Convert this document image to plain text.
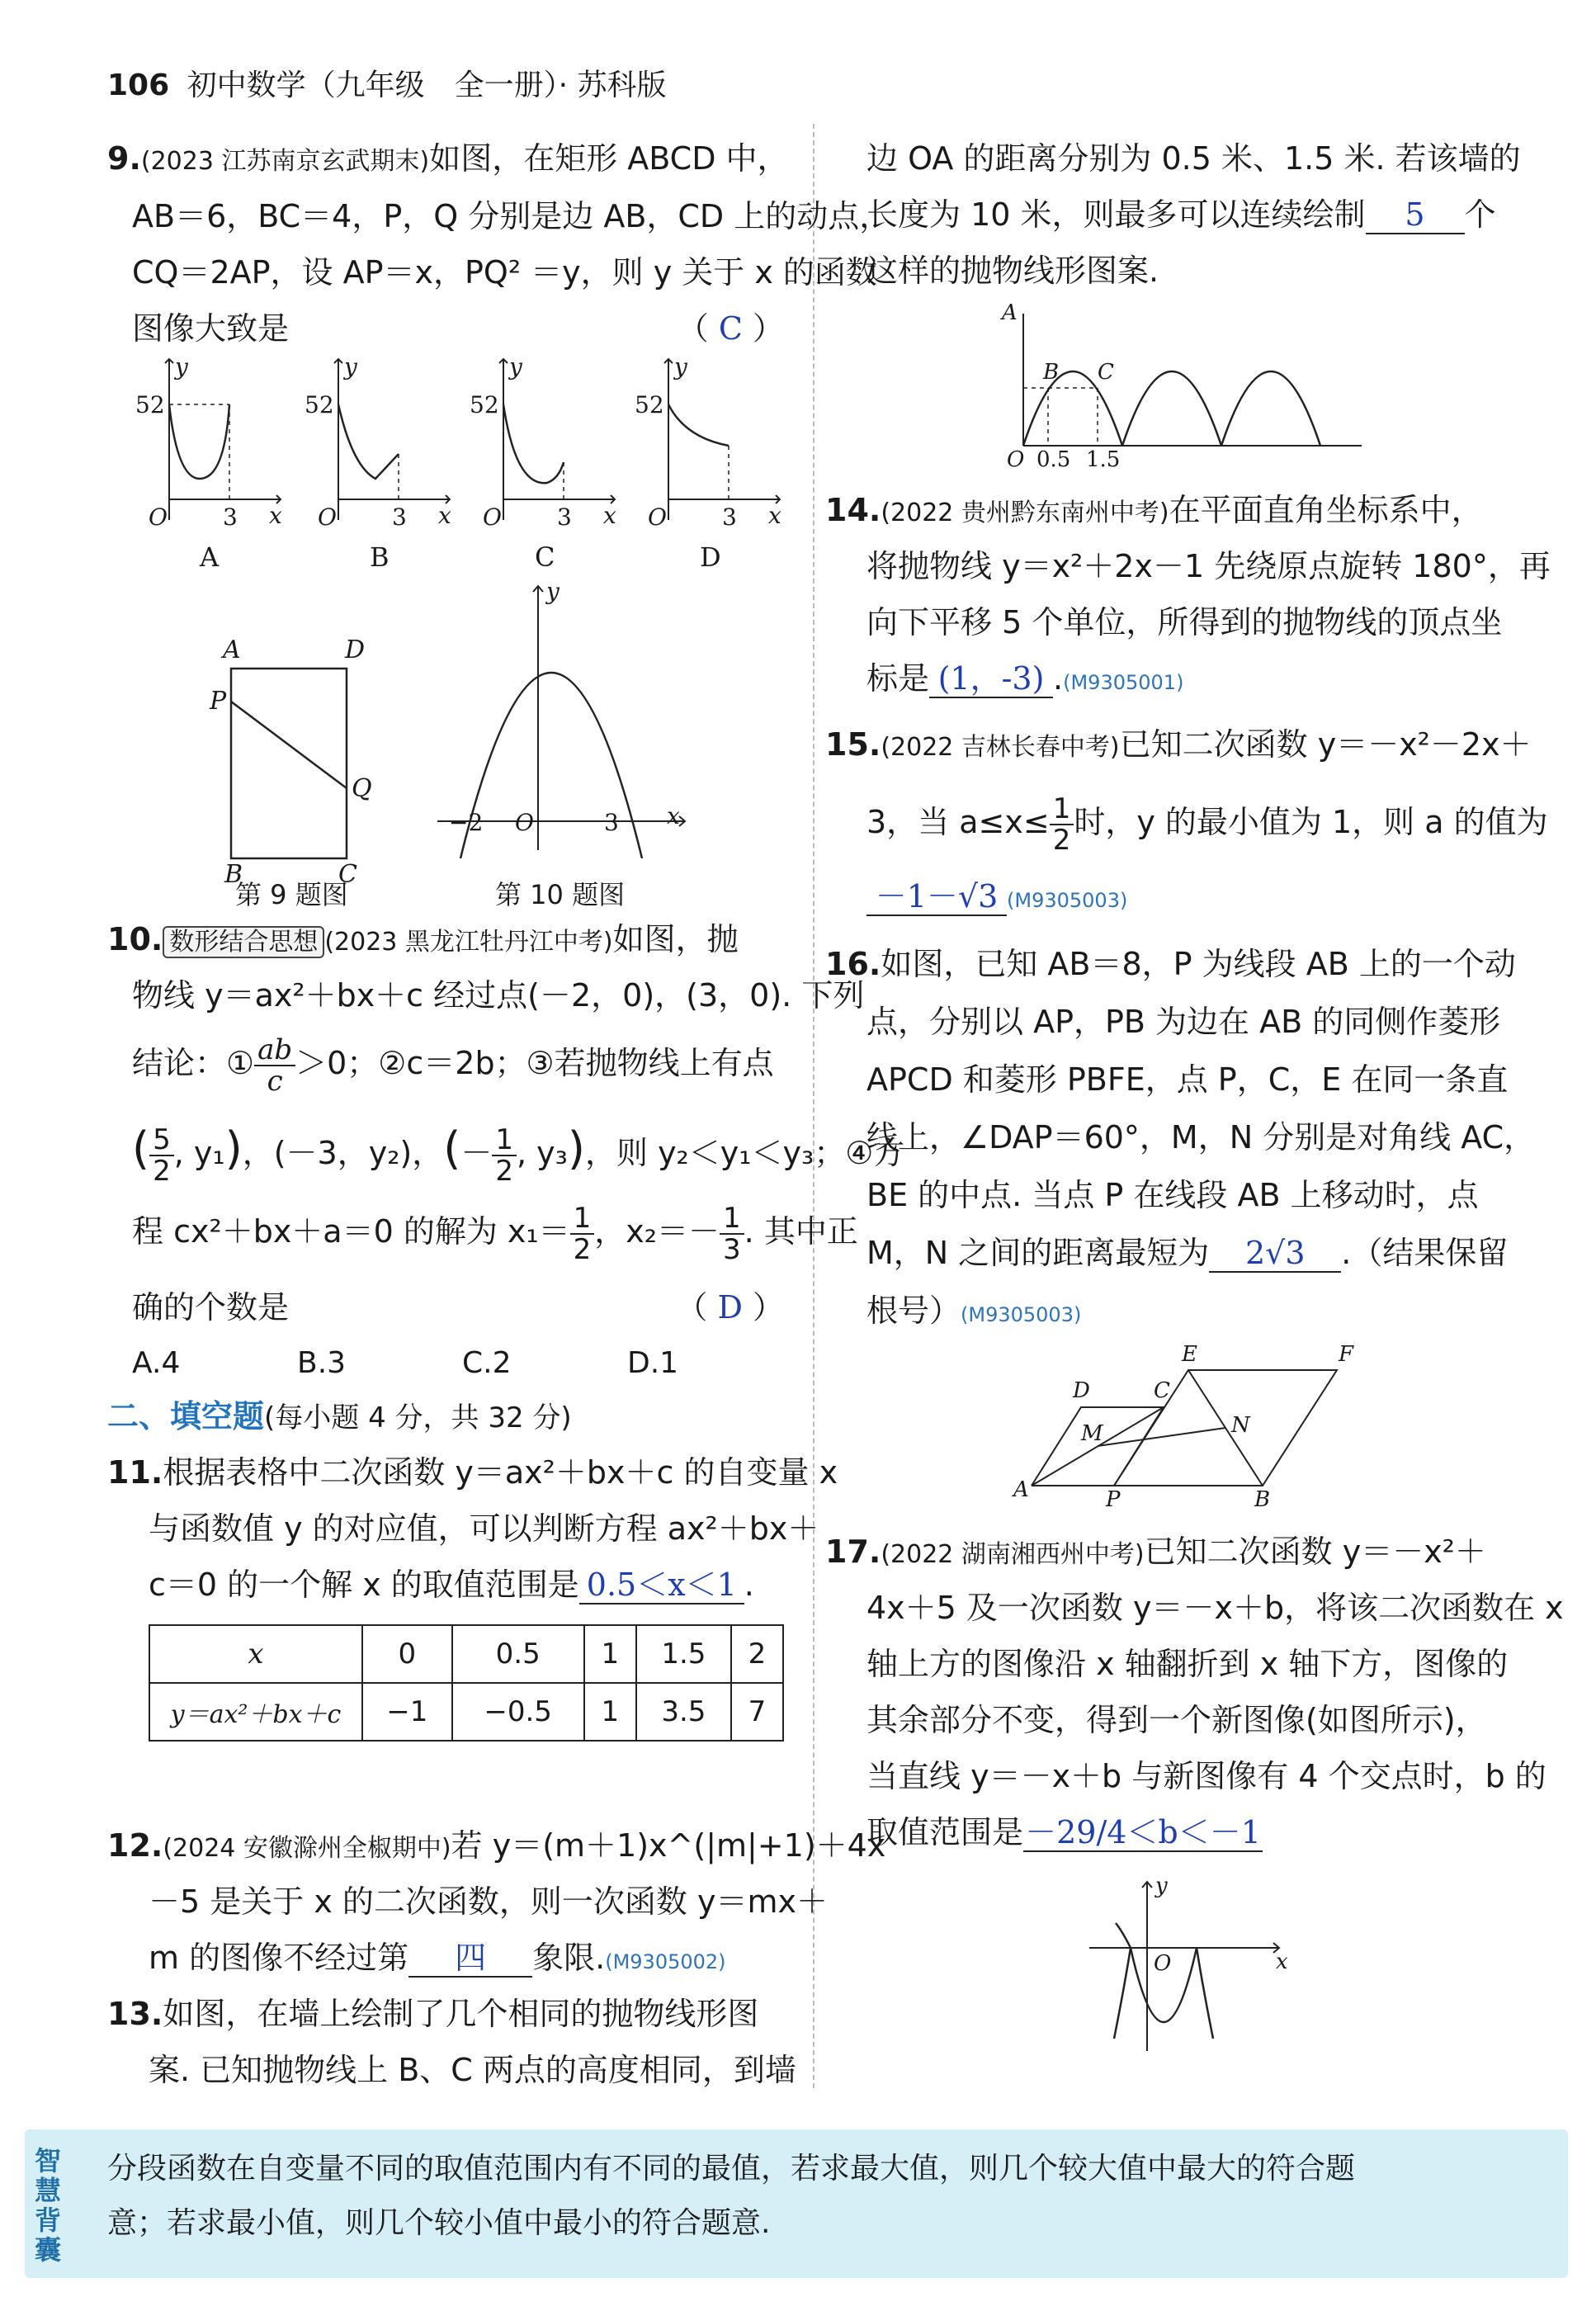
106 初中数学（九年级　全一册）· 苏科版
9.(2023 江苏南京玄武期末)如图，在矩形 ABCD 中，
AB＝6，BC＝4，P，Q 分别是边 AB，CD 上的动点，
CQ＝2AP，设 AP＝x，PQ² ＝y，则 y 关于 x 的函数
图像大致是	（ C ）
y
52
O 3 x
y
52
O 3 x
y
52
O 3 x
y
52
O 3 x
A	B	C	D
A	D
P
Q
B	C
第 9 题图
y
−2 O	3 x
第 10 题图
10. 数形结合思想 (2023 黑龙江牡丹江中考)如图，抛
物线 y＝ax²＋bx＋c 经过点(－2，0)，(3，0). 下列
结论：① $\frac{ab}{c} >0$；②c＝2b；③若抛物线上有点
( $\frac{5}{2}$ , y₁)，(－3，y₂)，(－ $\frac{1}{2}$ , y₃)，则 y₂＜y₁＜y₃；④方
程 cx²＋bx＋a＝0 的解为 $x_1= \frac{1}{2}$ ，$x_2=- \frac{1}{3}$ . 其中正
确的个数是	（ D ）
A.4	B.3	C.2	D.1
二、填空题(每小题 4 分，共 32 分)
11.根据表格中二次函数 y＝ax²＋bx＋c 的自变量 x
与函数值 y 的对应值，可以判断方程 ax²＋bx＋
c＝0 的一个解 x 的取值范围是 0.5＜x＜1 .
x	0	0.5	1	1.5	2
y＝ax²＋bx＋c	−1	−0.5	1	3.5	7
12.(2024 安徽滁州全椒期中)若 y＝(m＋1)x^(|m|+1)＋4x
－5 是关于 x 的二次函数，则一次函数 y＝mx＋
m 的图像不经过第 四 象限.(M9305002)
13.如图，在墙上绘制了几个相同的抛物线形图
案. 已知抛物线上 B、C 两点的高度相同，到墙
边 OA 的距离分别为 0.5 米、1.5 米. 若该墙的
长度为 10 米，则最多可以连续绘制 5 个
这样的抛物线形图案.
A
B C
O 0.5 1.5
14.(2022 贵州黔东南州中考)在平面直角坐标系中，
将抛物线 y＝x²＋2x－1 先绕原点旋转 180°，再
向下平移 5 个单位，所得到的抛物线的顶点坐
标是 (1，-3) .(M9305001)
15.(2022 吉林长春中考)已知二次函数 y＝－x²－2x＋
3，当 $a\le x\le \frac{1}{2}$ 时，y 的最小值为 1，则 a 的值为
－1－√3 (M9305003)
16.如图，已知 AB＝8，P 为线段 AB 上的一个动
点，分别以 AP，PB 为边在 AB 的同侧作菱形
APCD 和菱形 PBFE，点 P，C，E 在同一条直
线上，∠DAP＝60°，M，N 分别是对角线 AC，
BE 的中点. 当点 P 在线段 AB 上移动时，点
M，N 之间的距离最短为 2√3 .（结果保留
根号）(M9305003)
A
D	C
E	F
M	N
P	B
17.(2022 湖南湘西州中考)已知二次函数 y＝－x²＋
4x＋5 及一次函数 y＝－x＋b，将该二次函数在 x
轴上方的图像沿 x 轴翻折到 x 轴下方，图像的
其余部分不变，得到一个新图像(如图所示)，
当直线 y＝－x＋b 与新图像有 4 个交点时，b 的
取值范围是－29/4＜b＜－1
y
O	x
智慧背囊
分段函数在自变量不同的取值范围内有不同的最值，若求最大值，则几个较大值中最大的符合题
意；若求最小值，则几个较小值中最小的符合题意.
